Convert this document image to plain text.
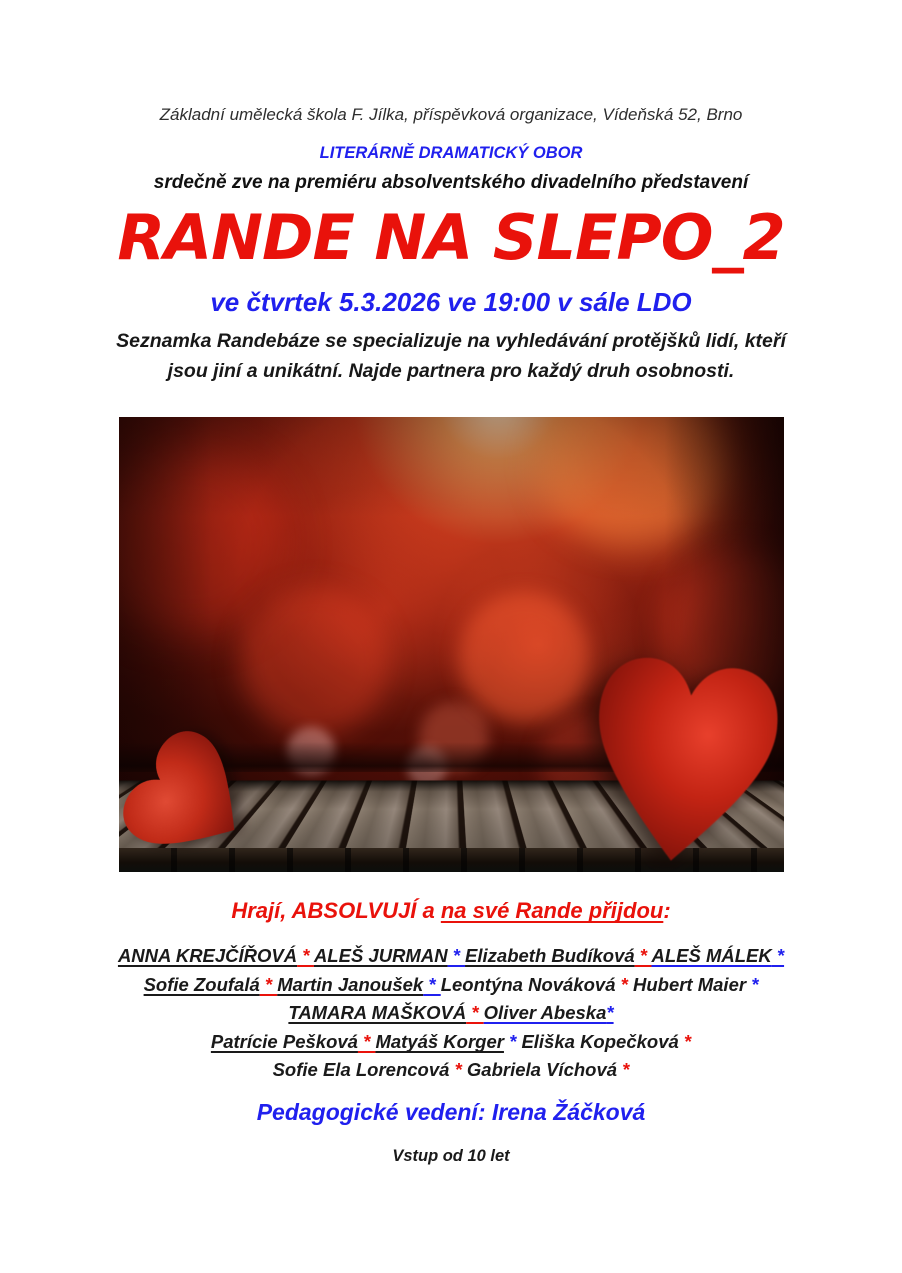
Základní umělecká škola F. Jílka, příspěvková organizace, Vídeňská 52, Brno
LITERÁRNĚ DRAMATICKÝ OBOR
srdečně zve na premiéru absolventského divadelního představení
RANDE NA SLEPO_2
ve čtvrtek 5.3.2026 ve 19:00 v sále LDO
Seznamka Randebáze se specializuje na vyhledávání protějšků lidí, kteří jsou jiní a unikátní. Najde partnera pro každý druh osobnosti.
Hrají, ABSOLVUJÍ a na své Rande přijdou:
ANNA KREJČÍŘOVÁ * ALEŠ JURMAN * Elizabeth Budíková * ALEŠ MÁLEK *
Sofie Zoufalá * Martin Janoušek * Leontýna Nováková * Hubert Maier *
TAMARA MAŠKOVÁ * Oliver Abeska*
Patrície Pešková * Matyáš Korger * Eliška Kopečková *
Sofie Ela Lorencová * Gabriela Víchová *
Pedagogické vedení: Irena Žáčková
Vstup od 10 let
